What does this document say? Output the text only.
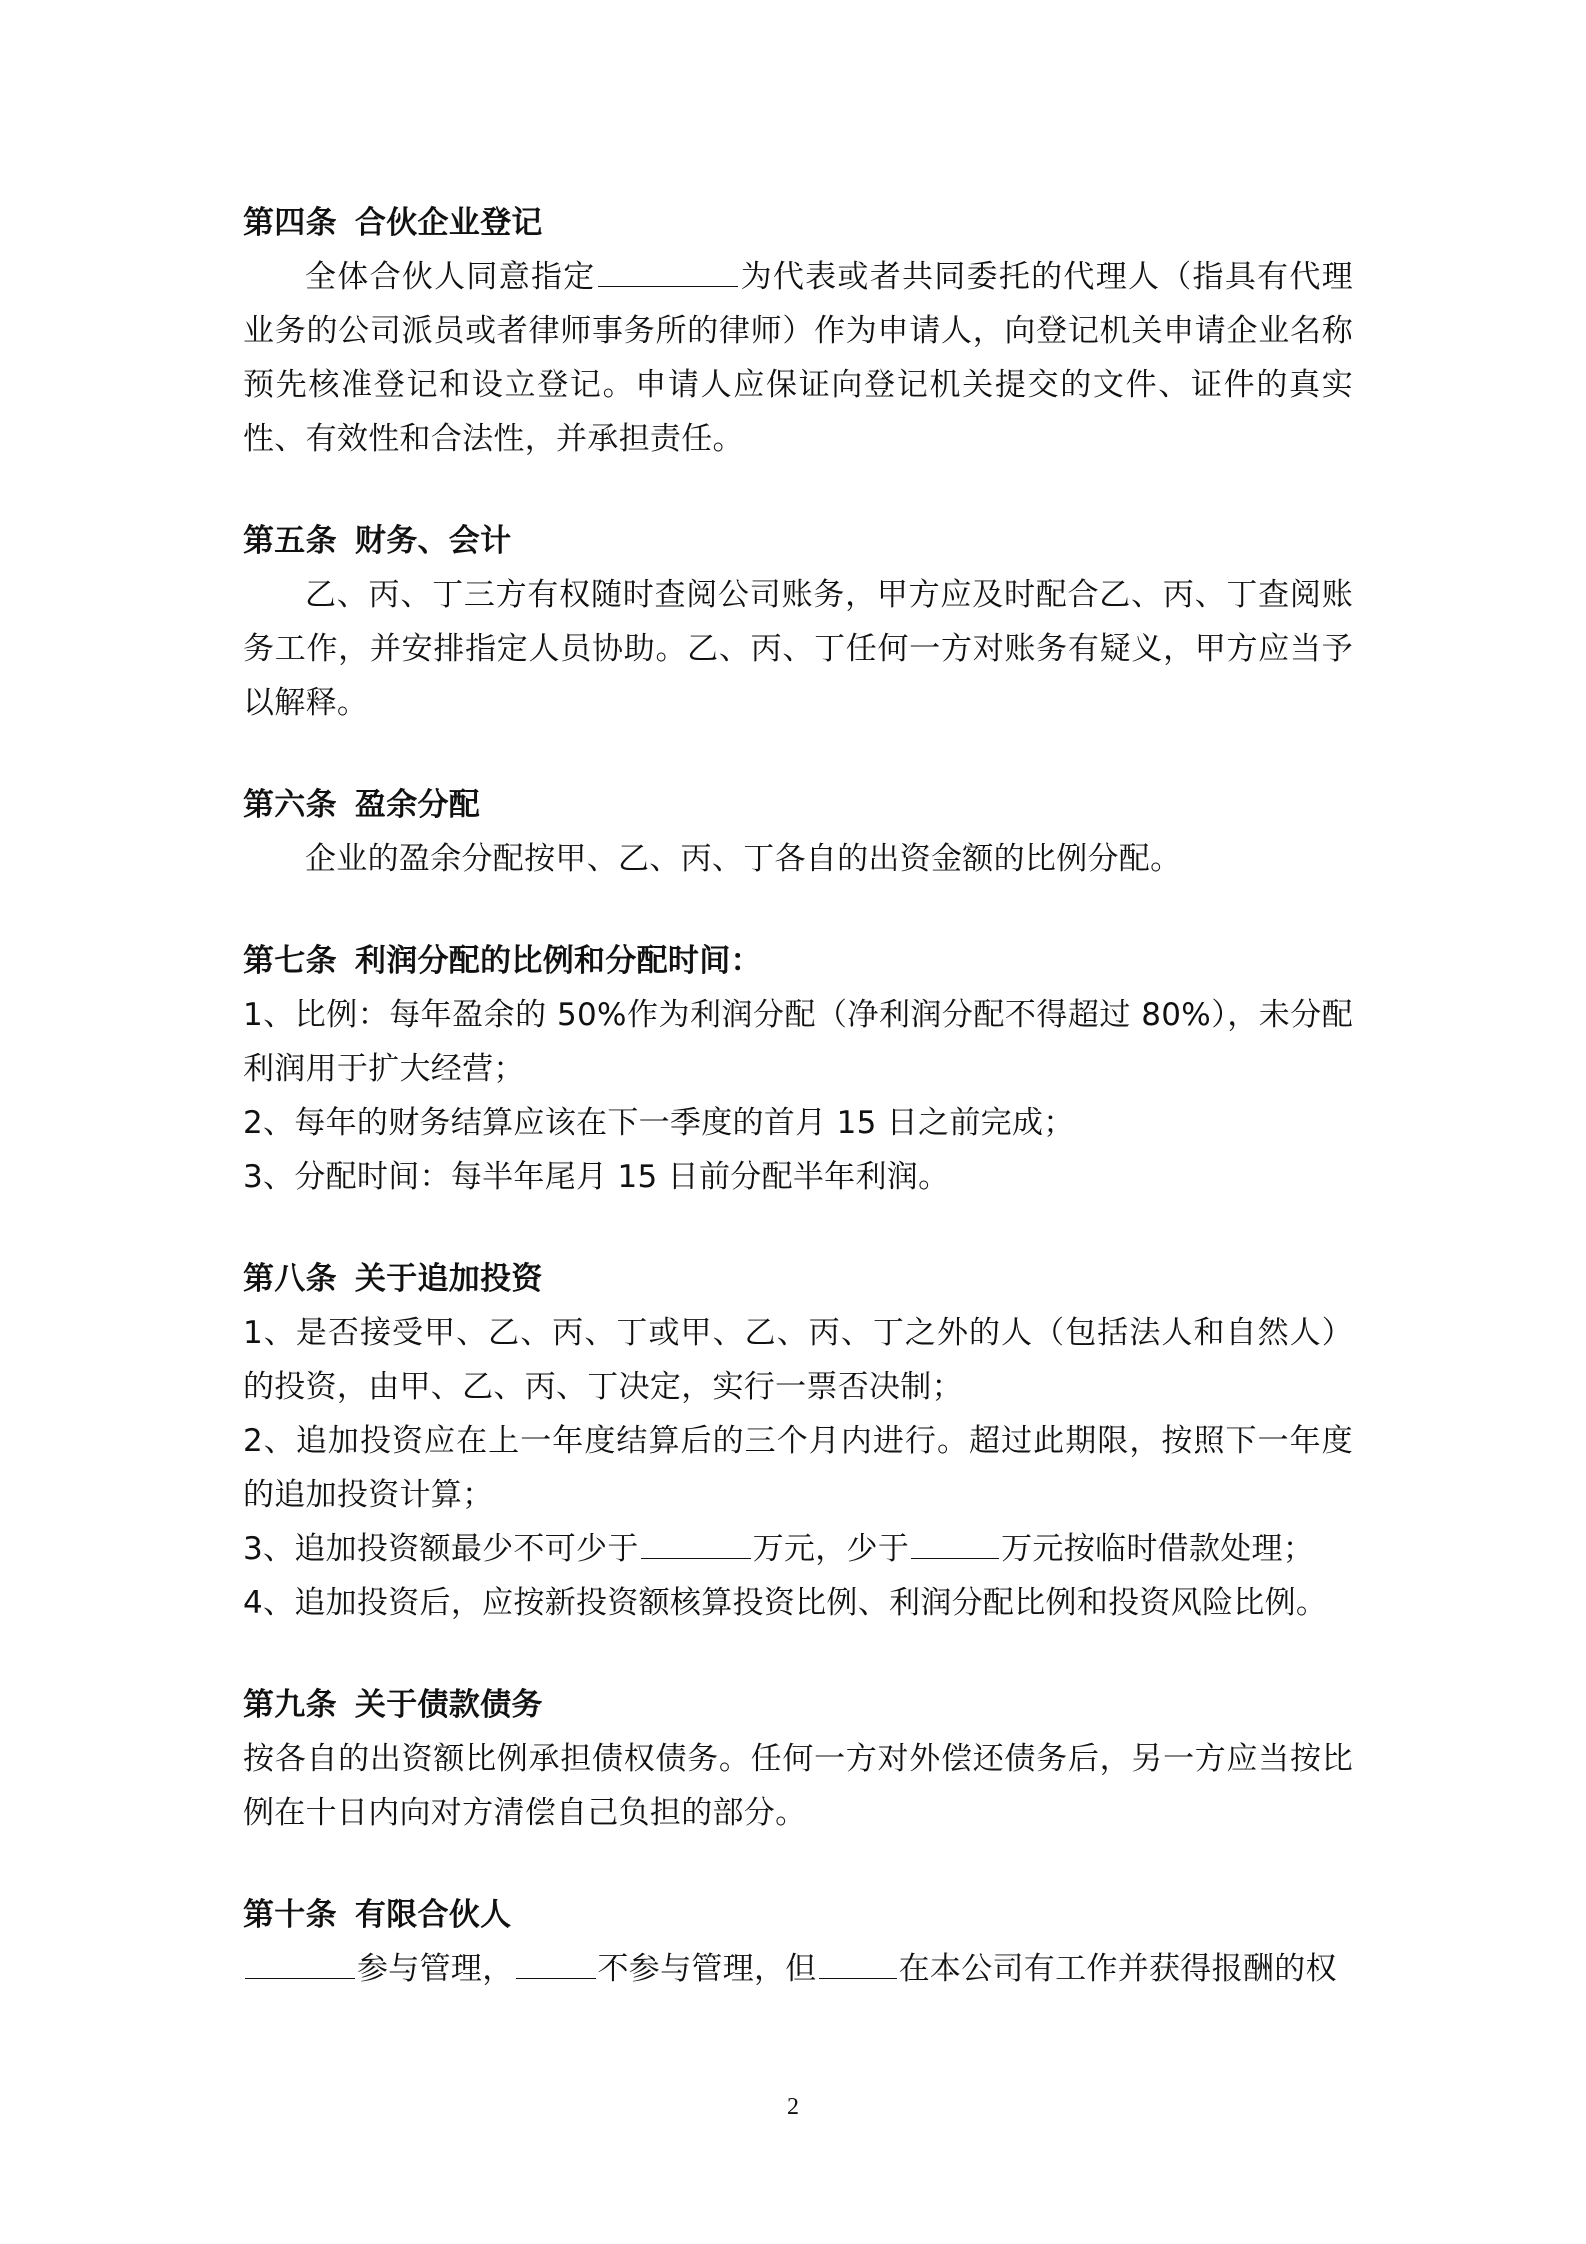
第四条 合伙企业登记
全体合伙人同意指定	为代表或者共同委托的代理人（指具有代理业务的公司派员或者律师事务所的律师）作为申请人，向登记机关申请企业名称预先核准登记和设立登记。申请人应保证向登记机关提交的文件、证件的真实性、有效性和合法性，并承担责任。
第五条 财务、会计
乙、丙、丁三方有权随时查阅公司账务，甲方应及时配合乙、丙、丁查阅账务工作，并安排指定人员协助。乙、丙、丁任何一方对账务有疑义，甲方应当予以解释。
第六条 盈余分配
企业的盈余分配按甲、乙、丙、丁各自的出资金额的比例分配。
第七条 利润分配的比例和分配时间：
1、比例：每年盈余的 50%作为利润分配（净利润分配不得超过 80%），未分配利润用于扩大经营；
2、每年的财务结算应该在下一季度的首月 15 日之前完成；
3、分配时间：每半年尾月 15 日前分配半年利润。
第八条 关于追加投资
1、是否接受甲、乙、丙、丁或甲、乙、丙、丁之外的人（包括法人和自然人）的投资，由甲、乙、丙、丁决定，实行一票否决制；
2、追加投资应在上一年度结算后的三个月内进行。超过此期限，按照下一年度的追加投资计算；
3、追加投资额最少不可少于	万元，少于	万元按临时借款处理；
4、追加投资后，应按新投资额核算投资比例、利润分配比例和投资风险比例。
第九条 关于债款债务
按各自的出资额比例承担债权债务。任何一方对外偿还债务后，另一方应当按比例在十日内向对方清偿自己负担的部分。
第十条 有限合伙人
参与管理，	不参与管理，但	在本公司有工作并获得报酬的权
2
